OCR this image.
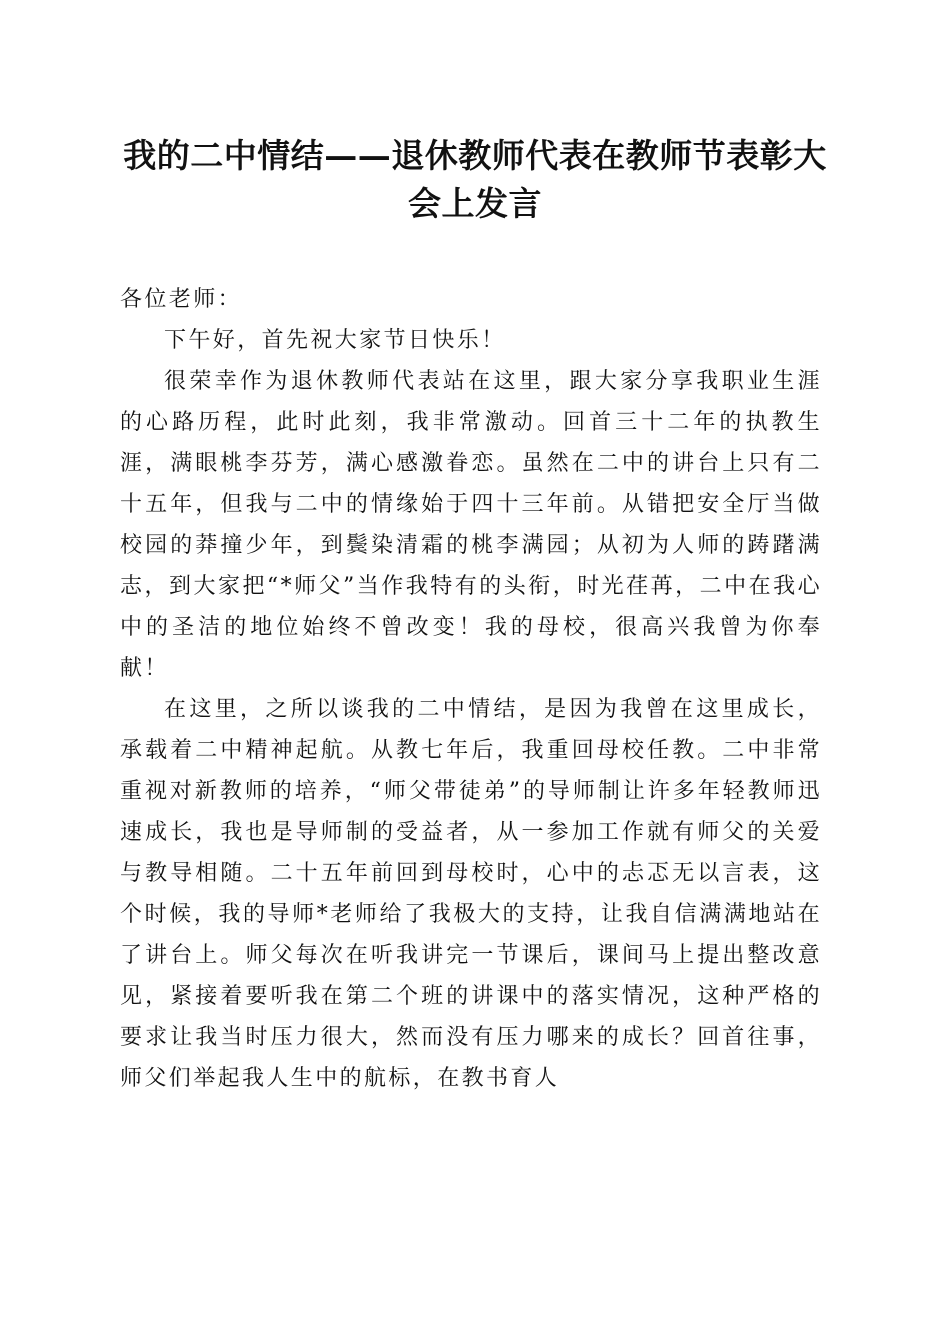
我的二中情结——退休教师代表在教师节表彰大会上发言

各位老师：

下午好，首先祝大家节日快乐！

很荣幸作为退休教师代表站在这里，跟大家分享我职业生涯的心路历程，此时此刻，我非常激动。回首三十二年的执教生涯，满眼桃李芬芳，满心感激眷恋。虽然在二中的讲台上只有二十五年，但我与二中的情缘始于四十三年前。从错把安全厅当做校园的莽撞少年，到鬓染清霜的桃李满园；从初为人师的踌躇满志，到大家把“*师父”当作我特有的头衔，时光荏苒，二中在我心中的圣洁的地位始终不曾改变！我的母校，很高兴我曾为你奉献！

在这里，之所以谈我的二中情结，是因为我曾在这里成长，承载着二中精神起航。从教七年后，我重回母校任教。二中非常重视对新教师的培养，“师父带徒弟”的导师制让许多年轻教师迅速成长，我也是导师制的受益者，从一参加工作就有师父的关爱与教导相随。二十五年前回到母校时，心中的忐忑无以言表，这个时候，我的导师*老师给了我极大的支持，让我自信满满地站在了讲台上。师父每次在听我讲完一节课后，课间马上提出整改意见，紧接着要听我在第二个班的讲课中的落实情况，这种严格的要求让我当时压力很大，然而没有压力哪来的成长？回首往事，师父们举起我人生中的航标，在教书育人
